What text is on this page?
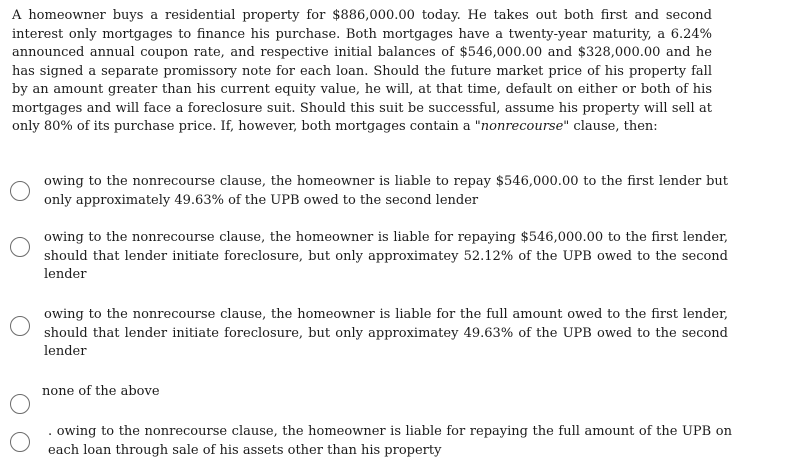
A homeowner buys a residential property for $886,000.00 today. He takes out both first and second interest only mortgages to finance his purchase. Both mortgages have a twenty-year maturity, a 6.24% announced annual coupon rate, and respective initial balances of $546,000.00 and $328,000.00 and he has signed a separate promissory note for each loan. Should the future market price of his property fall by an amount greater than his current equity value, he will, at that time, default on either or both of his mortgages and will face a foreclosure suit. Should this suit be successful, assume his property will sell at only 80% of its purchase price. If, however, both mortgages contain a "nonrecourse" clause, then:

owing to the nonrecourse clause, the homeowner is liable to repay $546,000.00 to the first lender but only approximately 49.63% of the UPB owed to the second lender
owing to the nonrecourse clause, the homeowner is liable for repaying $546,000.00 to the first lender, should that lender initiate foreclosure, but only approximatey 52.12% of the UPB owed to the second lender
owing to the nonrecourse clause, the homeowner is liable for the full amount owed to the first lender, should that lender initiate foreclosure, but only approximatey 49.63% of the UPB owed to the second lender
none of the above
. owing to the nonrecourse clause, the homeowner is liable for repaying the full amount of the UPB on each loan through sale of his assets other than his property
